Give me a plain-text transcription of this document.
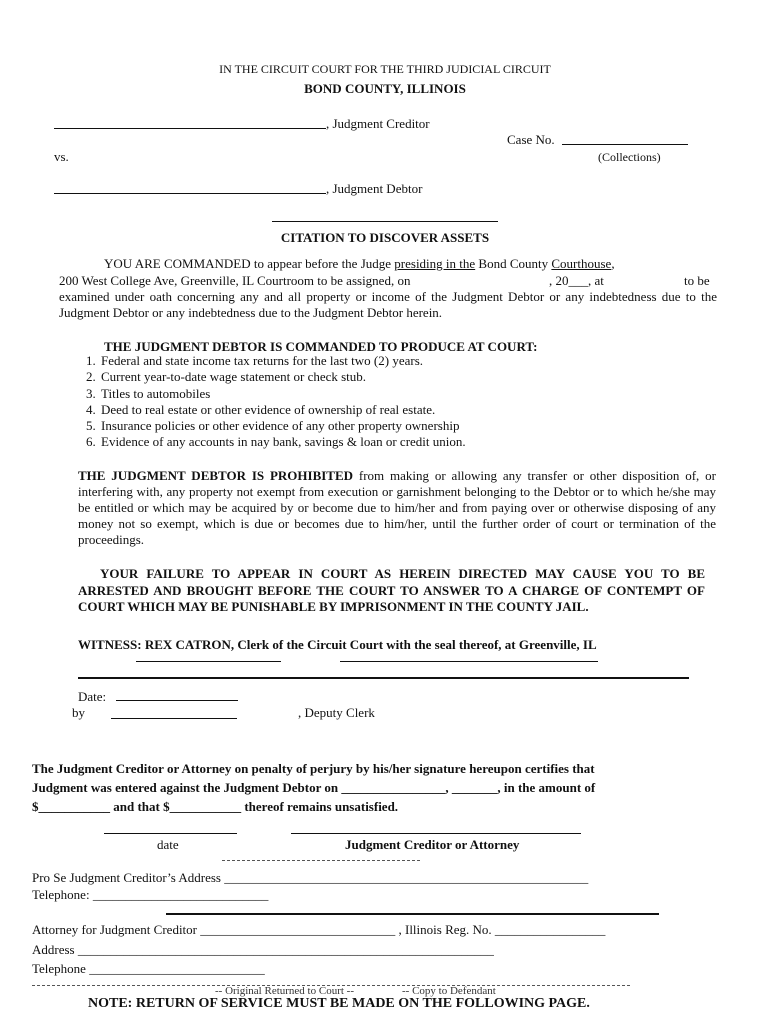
IN THE CIRCUIT COURT FOR THE THIRD JUDICIAL CIRCUIT
BOND COUNTY, ILLINOIS
, Judgment Creditor
Case No.
vs.	(Collections)
, Judgment Debtor
CITATION TO DISCOVER ASSETS
YOU ARE COMMANDED to appear before the Judge presiding in the Bond County Courthouse,
200 West College Ave, Greenville, IL Courtroom to be assigned, on	, 20___, at	to be
examined under oath concerning any and all property or income of the Judgment Debtor or any indebtedness due to the Judgment Debtor or any indebtedness due to the Judgment Debtor herein.
THE JUDGMENT DEBTOR IS COMMANDED TO PRODUCE AT COURT:
1. Federal and state income tax returns for the last two (2) years.
2. Current year-to-date wage statement or check stub.
3. Titles to automobiles
4. Deed to real estate or other evidence of ownership of real estate.
5. Insurance policies or other evidence of any other property ownership
6. Evidence of any accounts in nay bank, savings & loan or credit union.
THE JUDGMENT DEBTOR IS PROHIBITED from making or allowing any transfer or other disposition of, or interfering with, any property not exempt from execution or garnishment belonging to the Debtor or to which he/she may be entitled or which may be acquired by or become due to him/her and from paying over or otherwise disposing of any money not so exempt, which is due or becomes due to him/her, until the further order of court or termination of the proceedings.
YOUR FAILURE TO APPEAR IN COURT AS HEREIN DIRECTED MAY CAUSE YOU TO BE ARRESTED AND BROUGHT BEFORE THE COURT TO ANSWER TO A CHARGE OF CONTEMPT OF COURT WHICH MAY BE PUNISHABLE BY IMPRISONMENT IN THE COUNTY JAIL.
WITNESS: REX CATRON, Clerk of the Circuit Court with the seal thereof, at Greenville, IL
Date:
by	, Deputy Clerk
The Judgment Creditor or Attorney on penalty of perjury by his/her signature hereupon certifies that
Judgment was entered against the Judgment Debtor on ________________, _______, in the amount of
$___________ and that $___________ thereof remains unsatisfied.
date	Judgment Creditor or Attorney
Pro Se Judgment Creditor’s Address ________________________________________________________
Telephone: ___________________________
Attorney for Judgment Creditor ______________________________ , Illinois Reg. No. _________________
Address ________________________________________________________________
Telephone ___________________________
-- Original Returned to Court --	-- Copy to Defendant
NOTE: RETURN OF SERVICE MUST BE MADE ON THE FOLLOWING PAGE.
